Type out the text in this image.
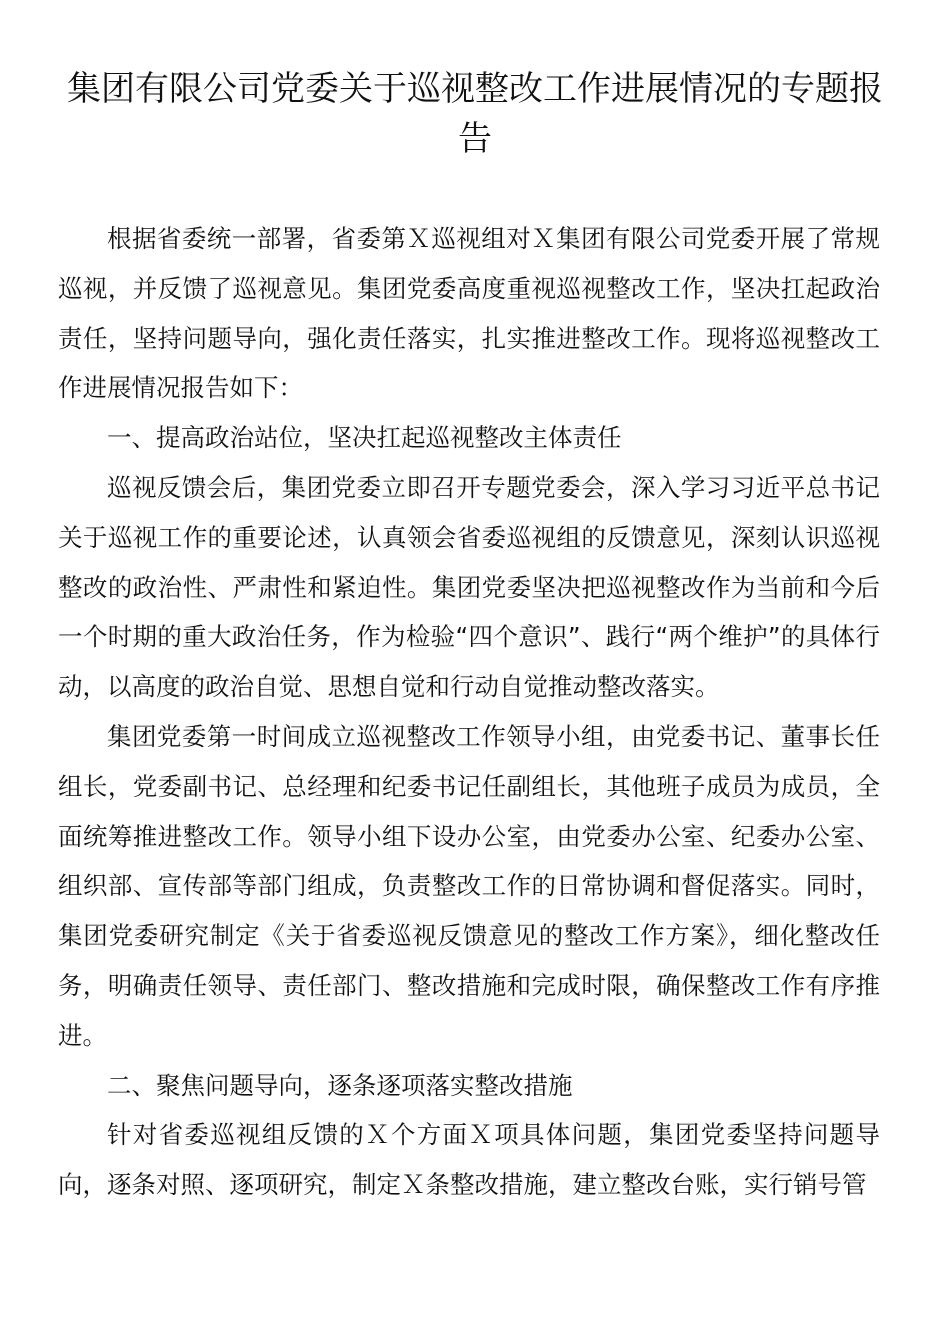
集团有限公司党委关于巡视整改工作进展情况的专题报告

根据省委统一部署，省委第Ｘ巡视组对Ｘ集团有限公司党委开展了常规巡视，并反馈了巡视意见。集团党委高度重视巡视整改工作，坚决扛起政治责任，坚持问题导向，强化责任落实，扎实推进整改工作。现将巡视整改工作进展情况报告如下：

一、提高政治站位，坚决扛起巡视整改主体责任

巡视反馈会后，集团党委立即召开专题党委会，深入学习习近平总书记关于巡视工作的重要论述，认真领会省委巡视组的反馈意见，深刻认识巡视整改的政治性、严肃性和紧迫性。集团党委坚决把巡视整改作为当前和今后一个时期的重大政治任务，作为检验“四个意识”、践行“两个维护”的具体行动，以高度的政治自觉、思想自觉和行动自觉推动整改落实。

集团党委第一时间成立巡视整改工作领导小组，由党委书记、董事长任组长，党委副书记、总经理和纪委书记任副组长，其他班子成员为成员，全面统筹推进整改工作。领导小组下设办公室，由党委办公室、纪委办公室、组织部、宣传部等部门组成，负责整改工作的日常协调和督促落实。同时，集团党委研究制定《关于省委巡视反馈意见的整改工作方案》，细化整改任务，明确责任领导、责任部门、整改措施和完成时限，确保整改工作有序推进。

二、聚焦问题导向，逐条逐项落实整改措施

针对省委巡视组反馈的Ｘ个方面Ｘ项具体问题，集团党委坚持问题导向，逐条对照、逐项研究，制定Ｘ条整改措施，建立整改台账，实行销号管
